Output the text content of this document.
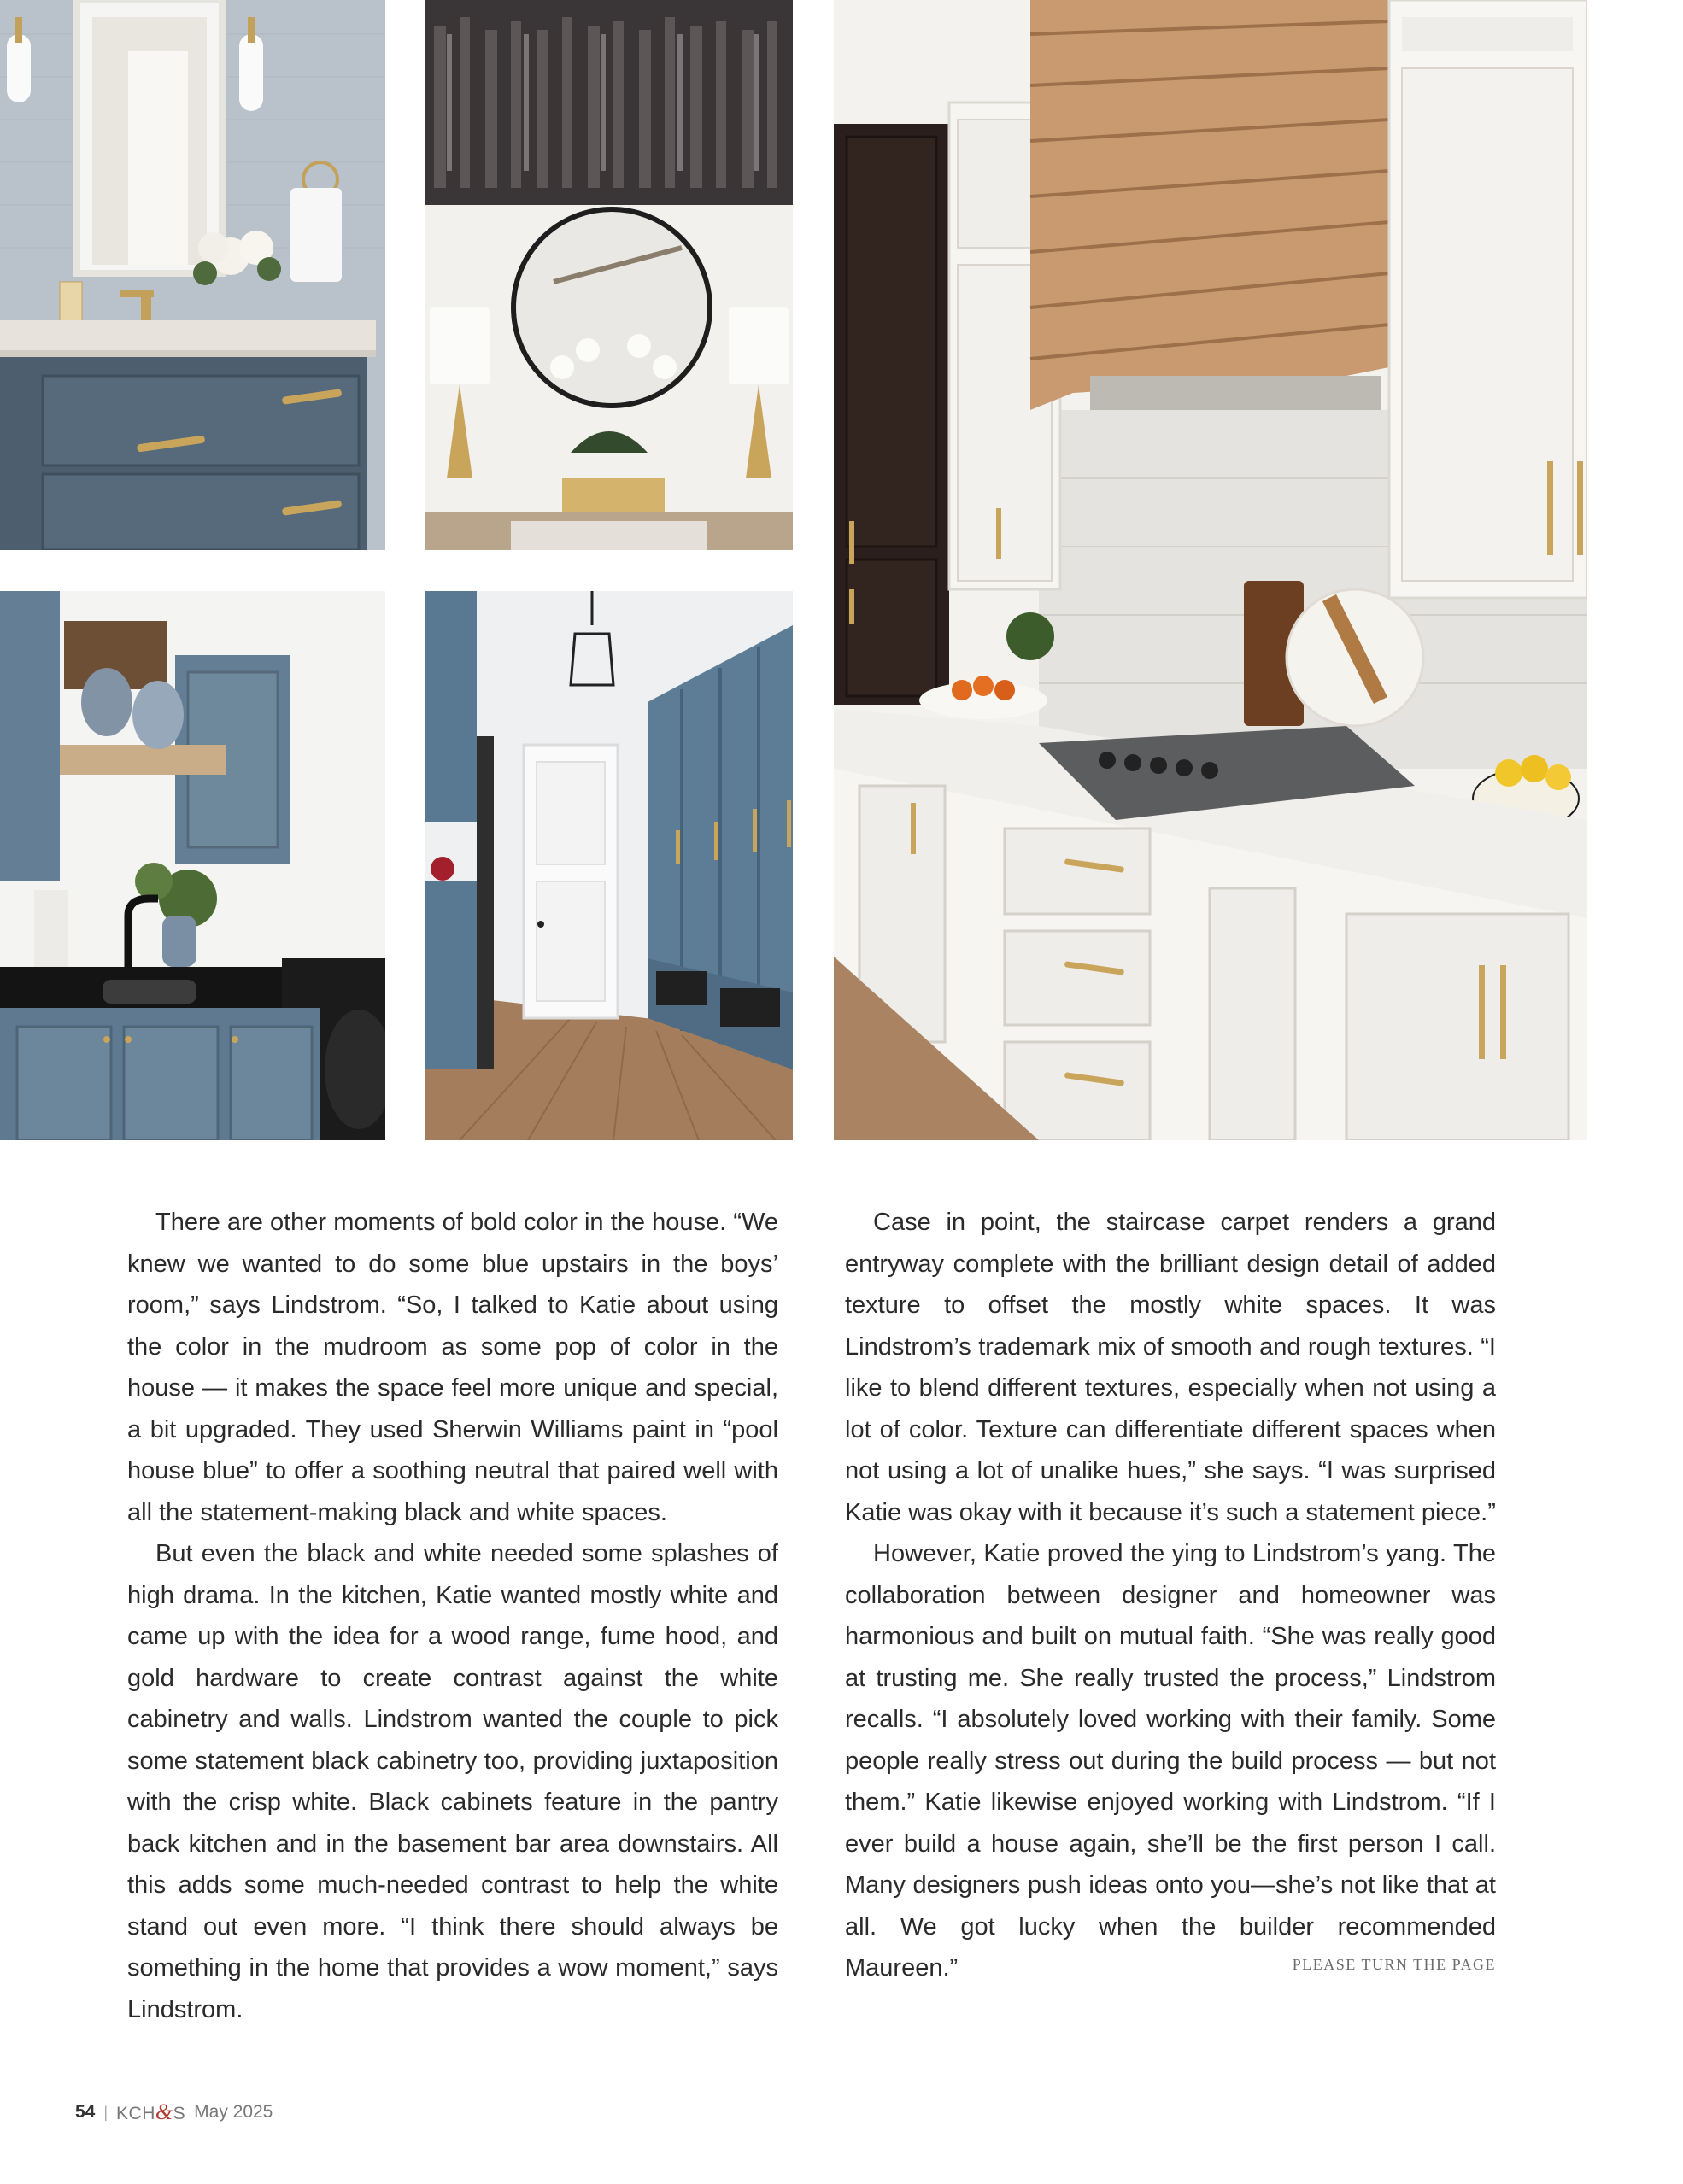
There are other moments of bold color in the house. “We knew we wanted to do some blue upstairs in the boys’ room,” says Lindstrom. “So, I talked to Katie about using the color in the mudroom as some pop of color in the house — it makes the space feel more unique and special, a bit upgraded. They used Sherwin Williams paint in “pool house blue” to offer a soothing neutral that paired well with all the statement-making black and white spaces.

But even the black and white needed some splashes of high drama. In the kitchen, Katie wanted mostly white and came up with the idea for a wood range, fume hood, and gold hardware to create contrast against the white cabinetry and walls. Lindstrom wanted the couple to pick some statement black cabinetry too, providing juxtaposition with the crisp white. Black cabinets feature in the pantry back kitchen and in the basement bar area downstairs. All this adds some much-needed contrast to help the white stand out even more. “I think there should always be something in the home that provides a wow moment,” says Lindstrom.

Case in point, the staircase carpet renders a grand entryway complete with the brilliant design detail of added texture to offset the mostly white spaces. It was Lindstrom’s trademark mix of smooth and rough textures. “I like to blend different textures, especially when not using a lot of color. Texture can differentiate different spaces when not using a lot of unalike hues,” she says. “I was surprised Katie was okay with it because it’s such a statement piece.”

However, Katie proved the ying to Lindstrom’s yang. The collaboration between designer and homeowner was harmonious and built on mutual faith. “She was really good at trusting me. She really trusted the process,” Lindstrom recalls. “I absolutely loved working with their family. Some people really stress out during the build process — but not them.” Katie likewise enjoyed working with Lindstrom. “If I ever build a house again, she’ll be the first person I call. Many designers push ideas onto you—she’s not like that at all. We got lucky when the builder recommended Maureen.”	PLEASE TURN THE PAGE
54 | KCH&S May 2025
